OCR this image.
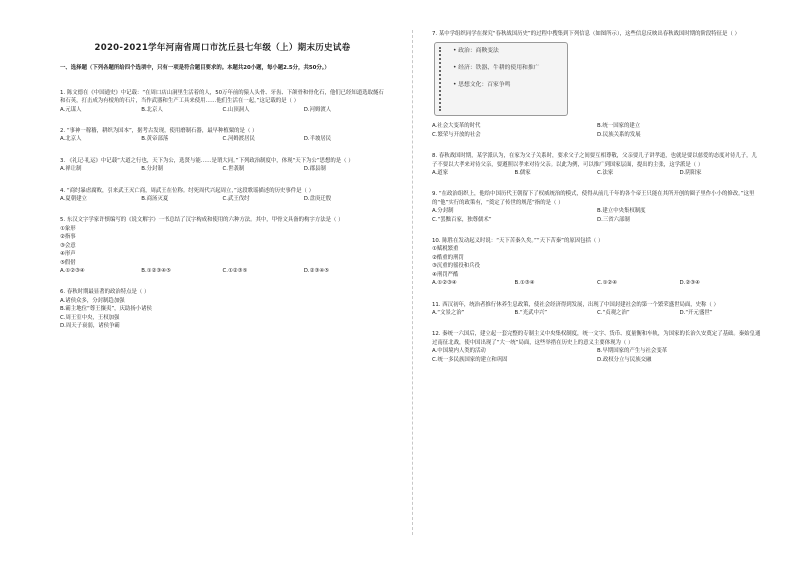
2020-2021学年河南省周口市沈丘县七年级（上）期末历史试卷
一、选择题（下列各题所给四个选项中，只有一项是符合题目要求的。本题共20小题，每小题2.5分，共50分。）

1. 陈文德在《中国通史》中记载：“在周口店山洞里生活着的人，50万年前的猿人头骨、牙齿、下颌骨和骨化石，他们已经知道选取燧石和石英，打击成为有棱角的石片，当作武器和生产工具来使用……他们生活在一起，”这记载的是（ ）

A.元谋人	B.北京人	C.山顶洞人	D.河姆渡人

2. “事神一稼穑，耕织为国本”，据考古发现，使用磨制石器，最早种植粟的是（ ）

A.北京人	B.黄帝部落	C.河姆渡居民	D.半坡居民

3. 《礼记·礼运》中记载“大道之行也，天下为公，选贤与能……是谓大同。”下列政治制度中，体现“天下为公”思想的是（ ）

A.禅让制	B.分封制	C.世袭制	D.郡县制

4. “商纣暴虐腐败，引来武王灭亡商，周武王在位称。纣死周代兴起周立，”这段歌谣描述的历史事件是（ ）

A.夏朝建立	B.商汤灭夏	C.武王伐纣	D.盘庚迁殷

5. 东汉文字学家许慎编写的《说文解字》一书总结了汉字构成和使用的六种方法。其中，甲骨文具备的构字方法是（ ）

①象形
②指事
③会意
④形声
⑤假借
A.①②③④	B.①②③④⑤	C.①②③⑤	D.②③④⑤

6. 春秋时期最显著的政治特点是（ ）

A.诸侯众多，分封制趋加强
B.霸主地位“尊王攘夷”，庆助扬小诸侯
C.周王室中央，王权加强
D.周天子衰弱，诸侯争霸

7. 某中学组织同学在探究“春秋战国历史”的过程中搜集到下列信息（如图所示），这些信息反映出春秋战国时期的阶段特征是（ ）

• 政治：商鞅变法
• 经济：铁器、牛耕的使用和推广
• 思想文化：百家争鸣
A.社会大变革的时代	B.统一国家的建立
C.繁荣与开放的社会	D.民族关系的发展

8. 春秋战国时期，某学派认为，在家为父子关系时，要求父子之间要互相尊敬，父亲要儿子讲孝道，也就是要以慈爱的态度对待儿子，儿子不要以大孝来对待父亲，要遵照以孝来对待父亲。以此为例，可以推广到国家层面，提出的主张，这学派是（ ）

A.道家	B.儒家	C.法家	D.阴阳家

9. “在政治组织上，他给中国历代王朝留下了权威统治的模式，使得从前几千年的各个帝王只能在其所开创的圈子里作小小的修改。”这里的“他”实行的政策有，“奠定了传世的规范”指的是（ ）

A.分封制	B.建立中央集权制度
C.“罢黜百家，独尊儒术”	D.三省六部制

10. 陈胜在发动起义时说：“天下苦秦久矣。”“天下苦秦”的原因包括（ ）

①赋税繁重
②酷重的刑罚
③沉重的徭役和兵役
④刑罚严酷
A.①②③④	B.①③④	C.①②④	D.②③④

11. 西汉初年，统治者推行休养生息政策，使社会经济得到发展，出现了中国封建社会的第一个繁荣盛世局面，史称（ ）

A.“文景之治”	B.“光武中兴”	C.“贞观之治”	D.“开元盛世”

12. 秦统一六国后，建立起一套完整的专制主义中央集权制度，统一文字、货币、度量衡和车轨，为国家的长治久安奠定了基础。秦始皇通过南征北战，使中国出现了“大一统”局面，这些举措在历史上的意义主要体现为（ ）

A.中国境内人类的活动	B.早期国家的产生与社会变革
C.统一多民族国家的建立和巩固	D.政权分立与民族交融
